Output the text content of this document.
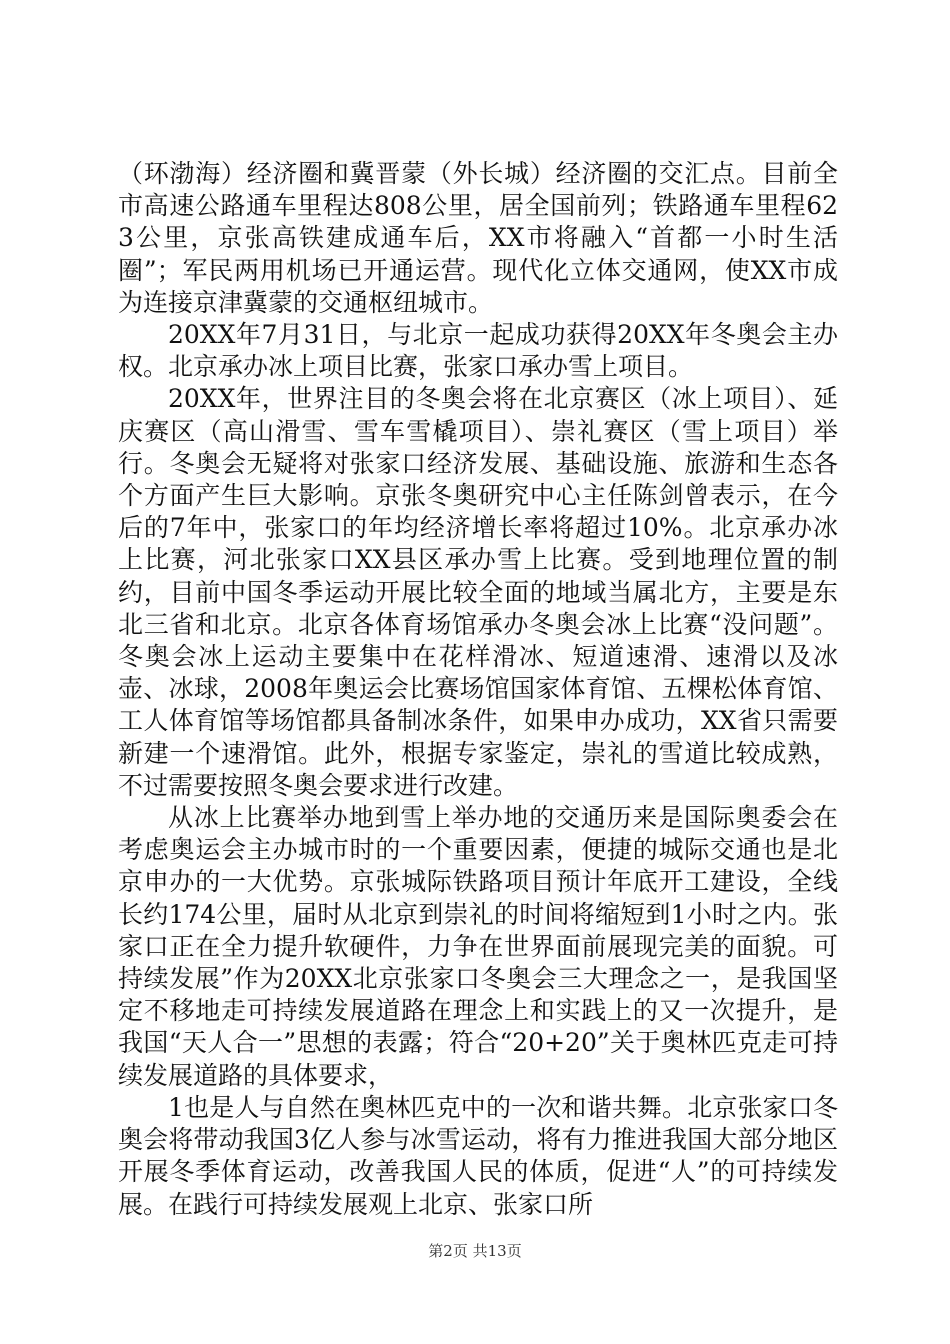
（环渤海）经济圈和冀晋蒙（外长城）经济圈的交汇点。目前全市高速公路通车里程达808公里，居全国前列；铁路通车里程623公里，京张高铁建成通车后，XX市将融入“首都一小时生活圈”；军民两用机场已开通运营。现代化立体交通网，使XX市成为连接京津冀蒙的交通枢纽城市。

20XX年7月31日，与北京一起成功获得20XX年冬奥会主办权。北京承办冰上项目比赛，张家口承办雪上项目。

20XX年，世界注目的冬奥会将在北京赛区（冰上项目）、延庆赛区（高山滑雪、雪车雪橇项目）、崇礼赛区（雪上项目）举行。冬奥会无疑将对张家口经济发展、基础设施、旅游和生态各个方面产生巨大影响。京张冬奥研究中心主任陈剑曾表示，在今后的7年中，张家口的年均经济增长率将超过10%。北京承办冰上比赛，河北张家口XX县区承办雪上比赛。受到地理位置的制约，目前中国冬季运动开展比较全面的地域当属北方，主要是东北三省和北京。北京各体育场馆承办冬奥会冰上比赛“没问题”。冬奥会冰上运动主要集中在花样滑冰、短道速滑、速滑以及冰壶、冰球，2008年奥运会比赛场馆国家体育馆、五棵松体育馆、工人体育馆等场馆都具备制冰条件，如果申办成功，XX省只需要新建一个速滑馆。此外，根据专家鉴定，崇礼的雪道比较成熟，不过需要按照冬奥会要求进行改建。

从冰上比赛举办地到雪上举办地的交通历来是国际奥委会在考虑奥运会主办城市时的一个重要因素，便捷的城际交通也是北京申办的一大优势。京张城际铁路项目预计年底开工建设，全线长约174公里，届时从北京到崇礼的时间将缩短到1小时之内。张家口正在全力提升软硬件，力争在世界面前展现完美的面貌。可持续发展”作为20XX北京张家口冬奥会三大理念之一，是我国坚定不移地走可持续发展道路在理念上和实践上的又一次提升，是我国“天人合一”思想的表露；符合“20+20”关于奥林匹克走可持续发展道路的具体要求，

1也是人与自然在奥林匹克中的一次和谐共舞。北京张家口冬奥会将带动我国3亿人参与冰雪运动，将有力推进我国大部分地区开展冬季体育运动，改善我国人民的体质，促进“人”的可持续发展。在践行可持续发展观上北京、张家口所

第2页 共13页
